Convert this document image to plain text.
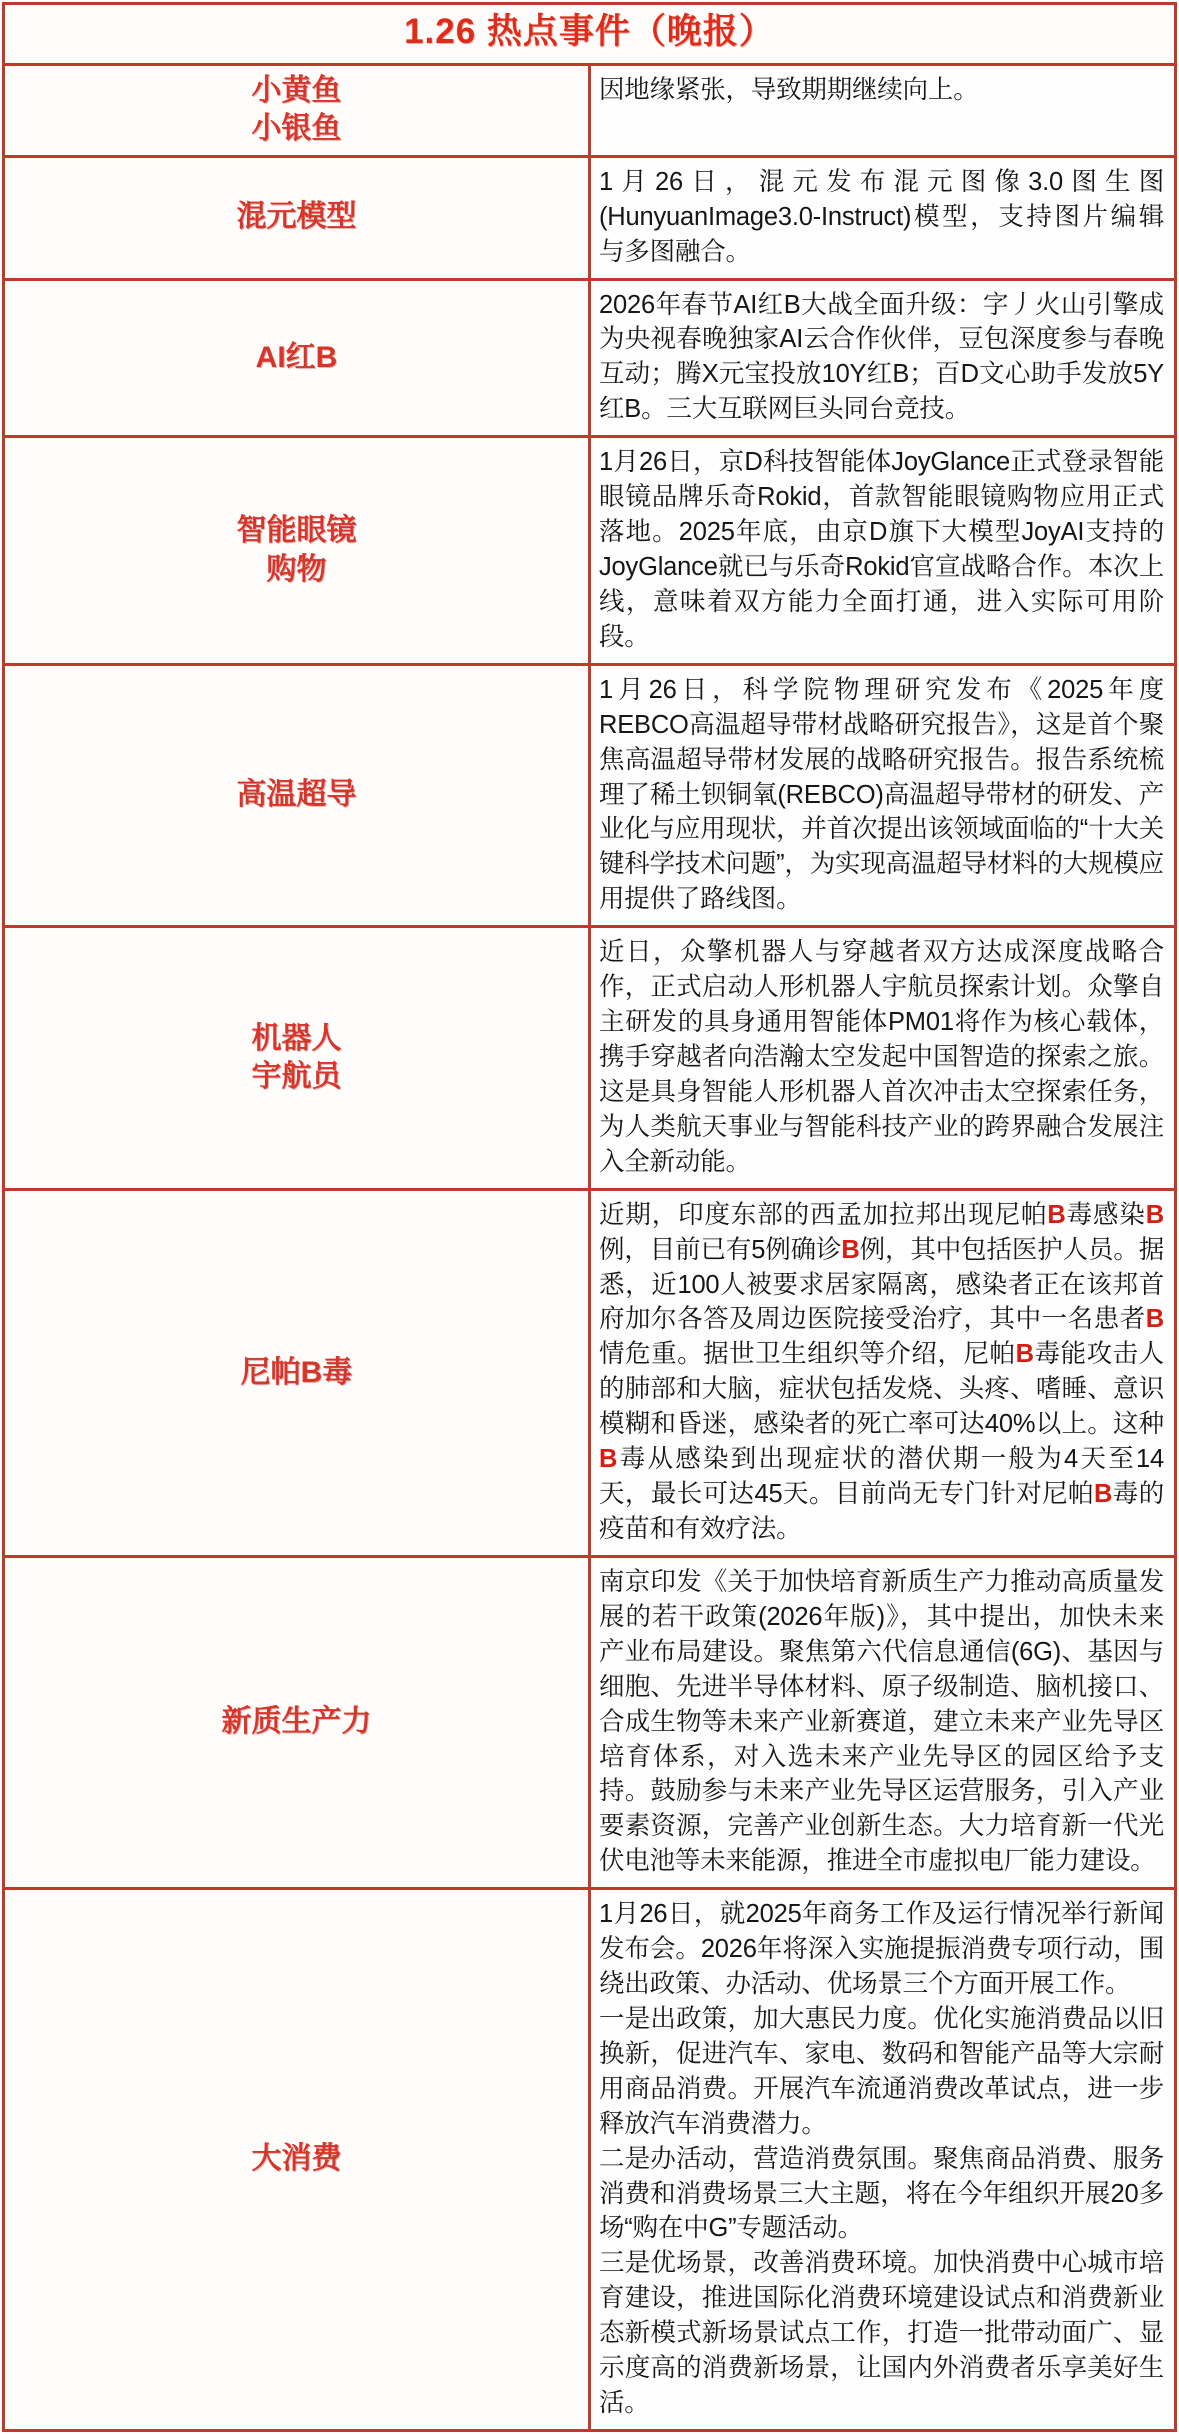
1.26 热点事件（晚报）	

小黄鱼
小银鱼	因地缘紧张，导致期期继续向上。

混元模型	1月26日，混元发布混元图像3.0图生图(HunyuanImage3.0-Instruct)模型，支持图片编辑与多图融合。

AI红B	2026年春节AI红B大战全面升级：字丿火山引擎成为央视春晚独家AI云合作伙伴，豆包深度参与春晚互动；腾X元宝投放10Y红B；百D文心助手发放5Y红B。三大互联网巨头同台竞技。

智能眼镜
购物	1月26日，京D科技智能体JoyGlance正式登录智能眼镜品牌乐奇Rokid，首款智能眼镜购物应用正式落地。2025年底，由京D旗下大模型JoyAI支持的JoyGlance就已与乐奇Rokid官宣战略合作。本次上线，意味着双方能力全面打通，进入实际可用阶段。

高温超导	1月26日，科学院物理研究发布《2025年度REBCO高温超导带材战略研究报告》，这是首个聚焦高温超导带材发展的战略研究报告。报告系统梳理了稀土钡铜氧(REBCO)高温超导带材的研发、产业化与应用现状，并首次提出该领域面临的“十大关键科学技术问题”，为实现高温超导材料的大规模应用提供了路线图。

机器人
宇航员	近日，众擎机器人与穿越者双方达成深度战略合作，正式启动人形机器人宇航员探索计划。众擎自主研发的具身通用智能体PM01将作为核心载体，携手穿越者向浩瀚太空发起中国智造的探索之旅。这是具身智能人形机器人首次冲击太空探索任务，为人类航天事业与智能科技产业的跨界融合发展注入全新动能。

尼帕B毒	近期，印度东部的西孟加拉邦出现尼帕B毒感染B例，目前已有5例确诊B例，其中包括医护人员。据悉，近100人被要求居家隔离，感染者正在该邦首府加尔各答及周边医院接受治疗，其中一名患者B情危重。据世卫生组织等介绍，尼帕B毒能攻击人的肺部和大脑，症状包括发烧、头疼、嗜睡、意识模糊和昏迷，感染者的死亡率可达40%以上。这种B毒从感染到出现症状的潜伏期一般为4天至14天，最长可达45天。目前尚无专门针对尼帕B毒的疫苗和有效疗法。

新质生产力	南京印发《关于加快培育新质生产力推动高质量发展的若干政策(2026年版)》，其中提出，加快未来产业布局建设。聚焦第六代信息通信(6G)、基因与细胞、先进半导体材料、原子级制造、脑机接口、合成生物等未来产业新赛道，建立未来产业先导区培育体系，对入选未来产业先导区的园区给予支持。鼓励参与未来产业先导区运营服务，引入产业要素资源，完善产业创新生态。大力培育新一代光伏电池等未来能源，推进全市虚拟电厂能力建设。

大消费	1月26日，就2025年商务工作及运行情况举行新闻发布会。2026年将深入实施提振消费专项行动，围绕出政策、办活动、优场景三个方面开展工作。

一是出政策，加大惠民力度。优化实施消费品以旧换新，促进汽车、家电、数码和智能产品等大宗耐用商品消费。开展汽车流通消费改革试点，进一步释放汽车消费潜力。

二是办活动，营造消费氛围。聚焦商品消费、服务消费和消费场景三大主题，将在今年组织开展20多场“购在中G”专题活动。

三是优场景，改善消费环境。加快消费中心城市培育建设，推进国际化消费环境建设试点和消费新业态新模式新场景试点工作，打造一批带动面广、显示度高的消费新场景，让国内外消费者乐享美好生活。
